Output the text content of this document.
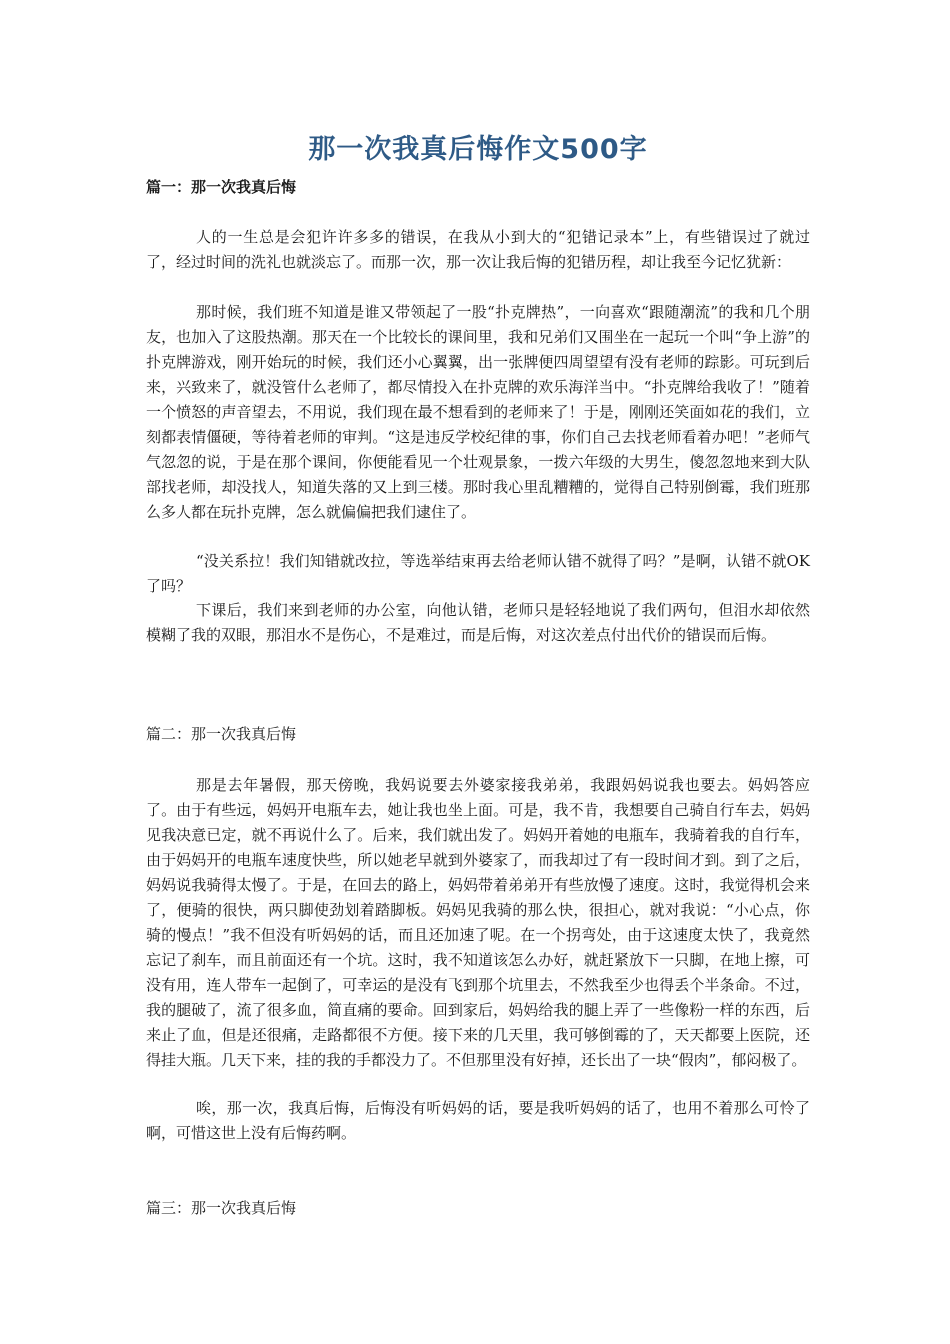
那一次我真后悔作文500字
篇一：那一次我真后悔

人的一生总是会犯许许多多的错误，在我从小到大的“犯错记录本”上，有些错误过了就过了，经过时间的洗礼也就淡忘了。而那一次，那一次让我后悔的犯错历程，却让我至今记忆犹新：

那时候，我们班不知道是谁又带领起了一股“扑克牌热”，一向喜欢“跟随潮流”的我和几个朋友，也加入了这股热潮。那天在一个比较长的课间里，我和兄弟们又围坐在一起玩一个叫“争上游”的扑克牌游戏，刚开始玩的时候，我们还小心翼翼，出一张牌便四周望望有没有老师的踪影。可玩到后来，兴致来了，就没管什么老师了，都尽情投入在扑克牌的欢乐海洋当中。“扑克牌给我收了！”随着一个愤怒的声音望去，不用说，我们现在最不想看到的老师来了！于是，刚刚还笑面如花的我们，立刻都表情僵硬，等待着老师的审判。“这是违反学校纪律的事，你们自己去找老师看着办吧！”老师气气忽忽的说，于是在那个课间，你便能看见一个壮观景象，一拨六年级的大男生，傻忽忽地来到大队部找老师，却没找人，知道失落的又上到三楼。那时我心里乱糟糟的，觉得自己特别倒霉，我们班那么多人都在玩扑克牌，怎么就偏偏把我们逮住了。

“没关系拉！我们知错就改拉，等选举结束再去给老师认错不就得了吗？”是啊，认错不就OK了吗？

下课后，我们来到老师的办公室，向他认错，老师只是轻轻地说了我们两句，但泪水却依然模糊了我的双眼，那泪水不是伤心，不是难过，而是后悔，对这次差点付出代价的错误而后悔。

篇二：那一次我真后悔

那是去年暑假，那天傍晚，我妈说要去外婆家接我弟弟，我跟妈妈说我也要去。妈妈答应了。由于有些远，妈妈开电瓶车去，她让我也坐上面。可是，我不肯，我想要自己骑自行车去，妈妈见我决意已定，就不再说什么了。后来，我们就出发了。妈妈开着她的电瓶车，我骑着我的自行车，由于妈妈开的电瓶车速度快些，所以她老早就到外婆家了，而我却过了有一段时间才到。到了之后，妈妈说我骑得太慢了。于是，在回去的路上，妈妈带着弟弟开有些放慢了速度。这时，我觉得机会来了，便骑的很快，两只脚使劲划着踏脚板。妈妈见我骑的那么快，很担心，就对我说：“小心点，你骑的慢点！”我不但没有听妈妈的话，而且还加速了呢。在一个拐弯处，由于这速度太快了，我竟然忘记了刹车，而且前面还有一个坑。这时，我不知道该怎么办好，就赶紧放下一只脚，在地上擦，可没有用，连人带车一起倒了，可幸运的是没有飞到那个坑里去，不然我至少也得丢个半条命。不过，我的腿破了，流了很多血，简直痛的要命。回到家后，妈妈给我的腿上弄了一些像粉一样的东西，后来止了血，但是还很痛，走路都很不方便。接下来的几天里，我可够倒霉的了，天天都要上医院，还得挂大瓶。几天下来，挂的我的手都没力了。不但那里没有好掉，还长出了一块“假肉”，郁闷极了。

唉，那一次，我真后悔，后悔没有听妈妈的话，要是我听妈妈的话了，也用不着那么可怜了啊，可惜这世上没有后悔药啊。

篇三：那一次我真后悔
